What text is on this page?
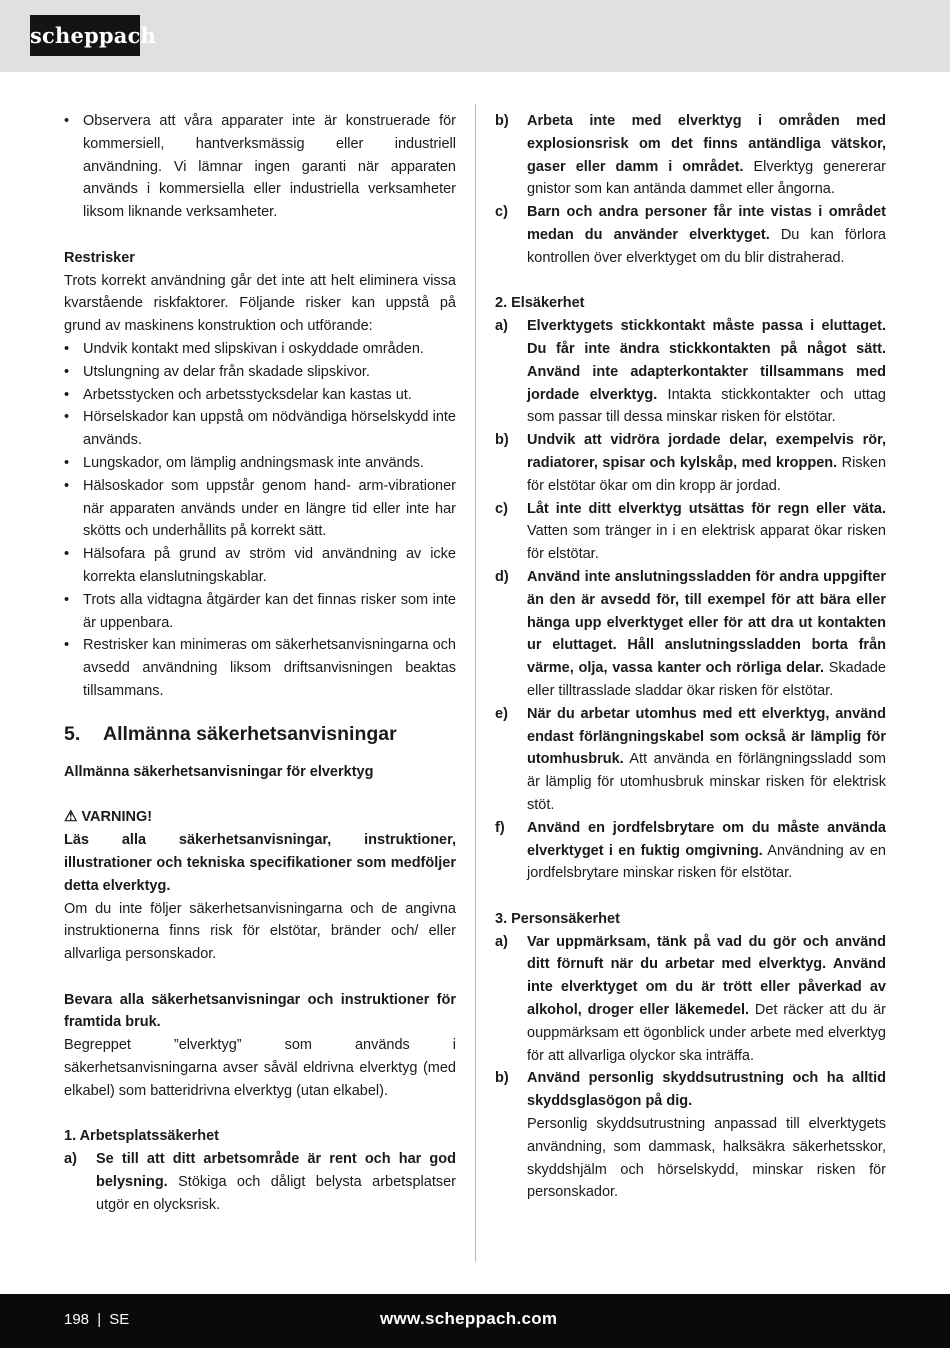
scheppach
• Observera att våra apparater inte är konstruerade för kommersiell, hantverksmässig eller industriell användning. Vi lämnar ingen garanti när apparaten används i kommersiella eller industriella verksamheter liksom liknande verksamheter.
Restrisker

Trots korrekt användning går det inte att helt eliminera vissa kvarstående riskfaktorer. Följande risker kan uppstå på grund av maskinens konstruktion och utförande:

• Undvik kontakt med slipskivan i oskyddade områden.
• Utslungning av delar från skadade slipskivor.
• Arbetsstycken och arbetsstycksdelar kan kastas ut.
• Hörselskador kan uppstå om nödvändiga hörselskydd inte används.
• Lungskador, om lämplig andningsmask inte används.
• Hälsoskador som uppstår genom hand- arm-vibrationer när apparaten används under en längre tid eller inte har skötts och underhållits på korrekt sätt.
• Hälsofara på grund av ström vid användning av icke korrekta elanslutningskablar.
• Trots alla vidtagna åtgärder kan det finnas risker som inte är uppenbara.
• Restrisker kan minimeras om säkerhetsanvisningarna och avsedd användning liksom driftsanvisningen beaktas tillsammans.
5.	Allmänna säkerhetsanvisningar
Allmänna säkerhetsanvisningar för elverktyg
⚠ VARNING!

Läs alla säkerhetsanvisningar, instruktioner, illustrationer och tekniska specifikationer som medföljer detta elverktyg.

Om du inte följer säkerhetsanvisningarna och de angivna instruktionerna finns risk för elstötar, bränder och/ eller allvarliga personskador.

Bevara alla säkerhetsanvisningar och instruktioner för framtida bruk.

Begreppet ”elverktyg” som används i säkerhetsanvisningarna avser såväl eldrivna elverktyg (med elkabel) som batteridrivna elverktyg (utan elkabel).

1. Arbetsplatssäkerhet
a)	Se till att ditt arbetsområde är rent och har god belysning. Stökiga och dåligt belysta arbetsplatser utgör en olycksrisk.
b)	Arbeta inte med elverktyg i områden med explosionsrisk om det finns antändliga vätskor, gaser eller damm i området. Elverktyg genererar gnistor som kan antända dammet eller ångorna.
c)	Barn och andra personer får inte vistas i området medan du använder elverktyget. Du kan förlora kontrollen över elverktyget om du blir distraherad.
2. Elsäkerhet
a)	Elverktygets stickkontakt måste passa i eluttaget. Du får inte ändra stickkontakten på något sätt. Använd inte adapterkontakter tillsammans med jordade elverktyg. Intakta stickkontakter och uttag som passar till dessa minskar risken för elstötar.
b)	Undvik att vidröra jordade delar, exempelvis rör, radiatorer, spisar och kylskåp, med kroppen. Risken för elstötar ökar om din kropp är jordad.
c)	Låt inte ditt elverktyg utsättas för regn eller väta. Vatten som tränger in i en elektrisk apparat ökar risken för elstötar.
d)	Använd inte anslutningssladden för andra uppgifter än den är avsedd för, till exempel för att bära eller hänga upp elverktyget eller för att dra ut kontakten ur eluttaget. Håll anslutningssladden borta från värme, olja, vassa kanter och rörliga delar. Skadade eller tilltrasslade sladdar ökar risken för elstötar.
e)	När du arbetar utomhus med ett elverktyg, använd endast förlängningskabel som också är lämplig för utomhusbruk. Att använda en förlängningssladd som är lämplig för utomhusbruk minskar risken för elektrisk stöt.
f)	Använd en jordfelsbrytare om du måste använda elverktyget i en fuktig omgivning. Användning av en jordfelsbrytare minskar risken för elstötar.
3. Personsäkerhet
a)	Var uppmärksam, tänk på vad du gör och använd ditt förnuft när du arbetar med elverktyg. Använd inte elverktyget om du är trött eller påverkad av alkohol, droger eller läkemedel. Det räcker att du är ouppmärksam ett ögonblick under arbete med elverktyg för att allvarliga olyckor ska inträffa.
b)	Använd personlig skyddsutrustning och ha alltid skyddsglasögon på dig.
Personlig skyddsutrustning anpassad till elverktygets användning, som dammask, halksäkra säkerhetsskor, skyddshjälm och hörselskydd, minskar risken för personskador.
198 | SE	www.scheppach.com
